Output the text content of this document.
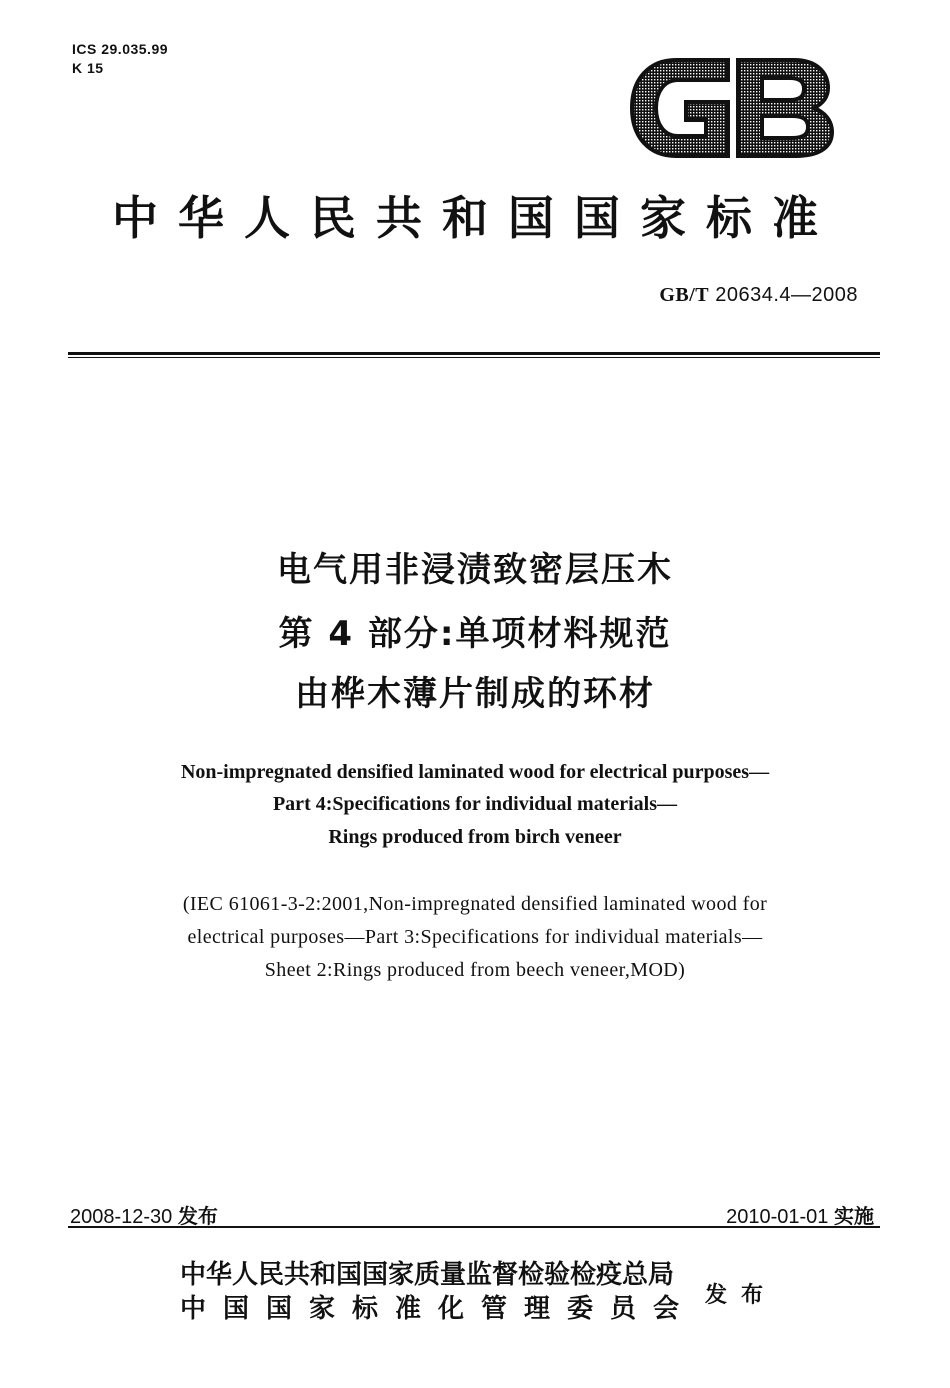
ICS 29.035.99
K 15
中华人民共和国国家标准
GB/T 20634.4—2008
电气用非浸渍致密层压木
第 4 部分:单项材料规范
由桦木薄片制成的环材
Non-impregnated densified laminated wood for electrical purposes—
Part 4:Specifications for individual materials—
Rings produced from birch veneer
(IEC 61061-3-2:2001,Non-impregnated densified laminated wood for
electrical purposes—Part 3:Specifications for individual materials—
Sheet 2:Rings produced from beech veneer,MOD)
2008-12-30 发布	2010-01-01 实施
中华人民共和国国家质量监督检验检疫总局
中国国家标准化管理委员会 发布
